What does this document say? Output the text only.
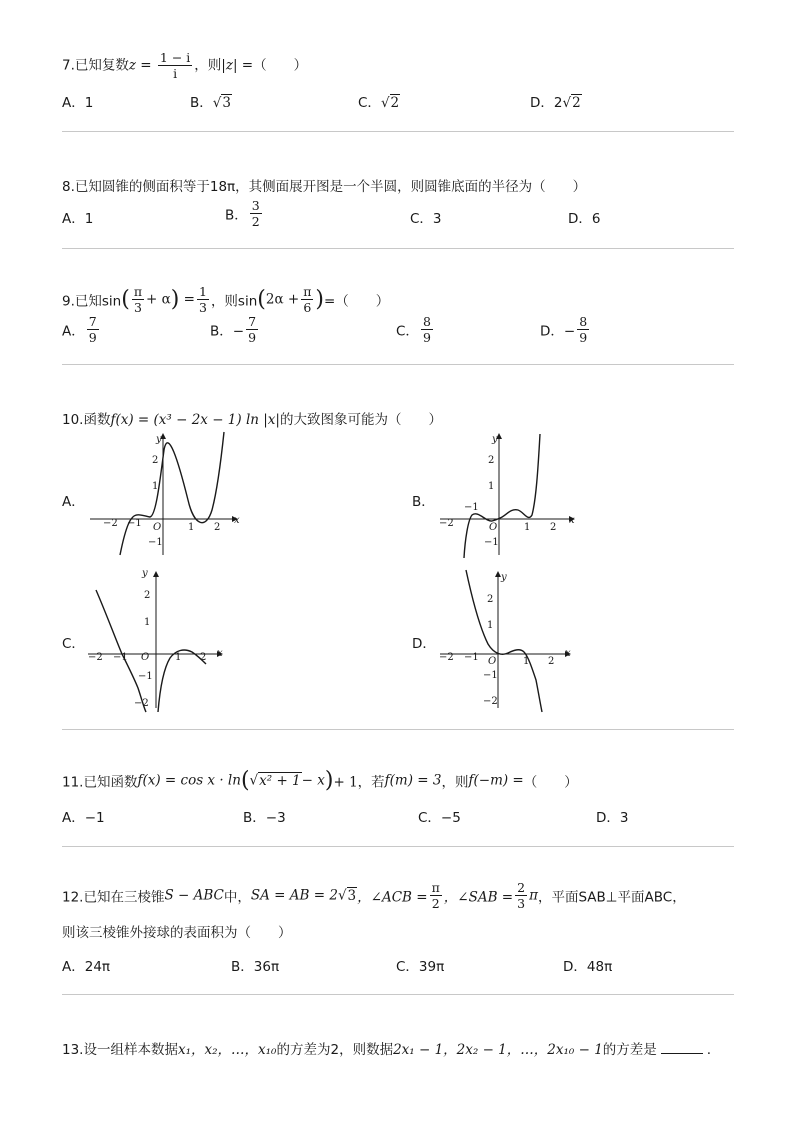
7.已知复数$z = \frac{1 - i}{i}$ ，则|z| =（　　）
A．1	B．√3	C．√2	D．2√2
8.已知圆锥的侧面积等于18π，其侧面展开图是一个半圆，则圆锥底面的半径为（　　）
A．1	B． $\frac{3}{2}$	C．3	D．6
9.已知$\sin( \frac{\pi}{3} + \alpha) = \frac{1}{3}$ ，则$\sin(2\alpha + \frac{\pi}{6}$ )=（　　）
A． $\frac{7}{9}$	B．− $\frac{7}{9}$	C． $\frac{8}{9}$	D．− $\frac{8}{9}$
10.函数f(x) = (x³ − 2x − 1) ln |x|的大致图象可能为（　　）
A．	B．
C．	D．
y
x
2
1
−1
−2 −1 O	1 2
y
x
2
1
−1
−2
−1
O	1 2
y
x
2
1
−1
−2
−2 −1 O	1 2
y
x
2
1
−1
−2
−2 −1 O	1 2
11.已知函数f(x) = cos x · ln(√x² + 1− x)+ 1，若f(m) = 3，则f(−m) =（　　）
A．−1	B．−3	C．−5	D．3
12.已知在三棱锥S − ABC中，SA = AB = 2√3，∠ACB = $\frac{\pi}{2}$ ，∠SAB = $\frac{2}{3}$ π，平面SAB⊥平面ABC，
则该三棱锥外接球的表面积为（　　）
A．24π	B．36π	C．39π	D．48π
13.设一组样本数据x₁，x₂，…，x₁₀的方差为2，则数据2x₁ − 1，2x₂ − 1，…，2x₁₀ − 1的方差是	.
